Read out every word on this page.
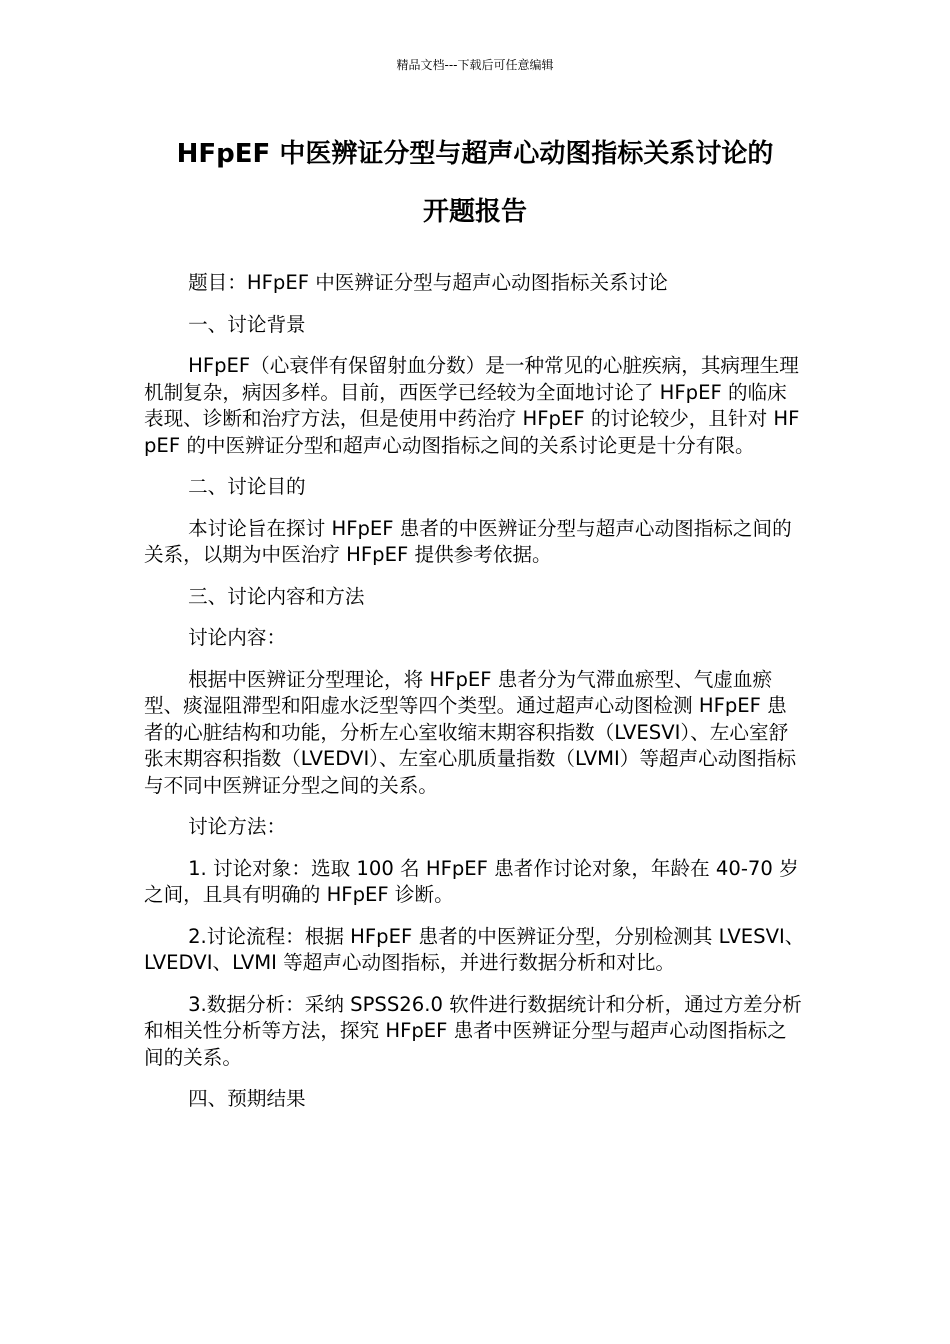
精品文档---下载后可任意编辑
HFpEF 中医辨证分型与超声心动图指标关系讨论的
开题报告

题目：HFpEF 中医辨证分型与超声心动图指标关系讨论

一、讨论背景

HFpEF（心衰伴有保留射血分数）是一种常见的心脏疾病，其病理生理机制复杂，病因多样。目前，西医学已经较为全面地讨论了 HFpEF 的临床表现、诊断和治疗方法，但是使用中药治疗 HFpEF 的讨论较少，且针对 HFpEF 的中医辨证分型和超声心动图指标之间的关系讨论更是十分有限。

二、讨论目的

本讨论旨在探讨 HFpEF 患者的中医辨证分型与超声心动图指标之间的关系，以期为中医治疗 HFpEF 提供参考依据。

三、讨论内容和方法

讨论内容：

根据中医辨证分型理论，将 HFpEF 患者分为气滞血瘀型、气虚血瘀型、痰湿阻滞型和阳虚水泛型等四个类型。通过超声心动图检测 HFpEF 患者的心脏结构和功能，分析左心室收缩末期容积指数（LVESVI）、左心室舒张末期容积指数（LVEDVI）、左室心肌质量指数（LVMI）等超声心动图指标与不同中医辨证分型之间的关系。

讨论方法：

1. 讨论对象：选取 100 名 HFpEF 患者作讨论对象，年龄在 40-70 岁之间，且具有明确的 HFpEF 诊断。

2.讨论流程：根据 HFpEF 患者的中医辨证分型，分别检测其 LVESVI、LVEDVI、LVMI 等超声心动图指标，并进行数据分析和对比。

3.数据分析：采纳 SPSS26.0 软件进行数据统计和分析，通过方差分析和相关性分析等方法，探究 HFpEF 患者中医辨证分型与超声心动图指标之间的关系。

四、预期结果
